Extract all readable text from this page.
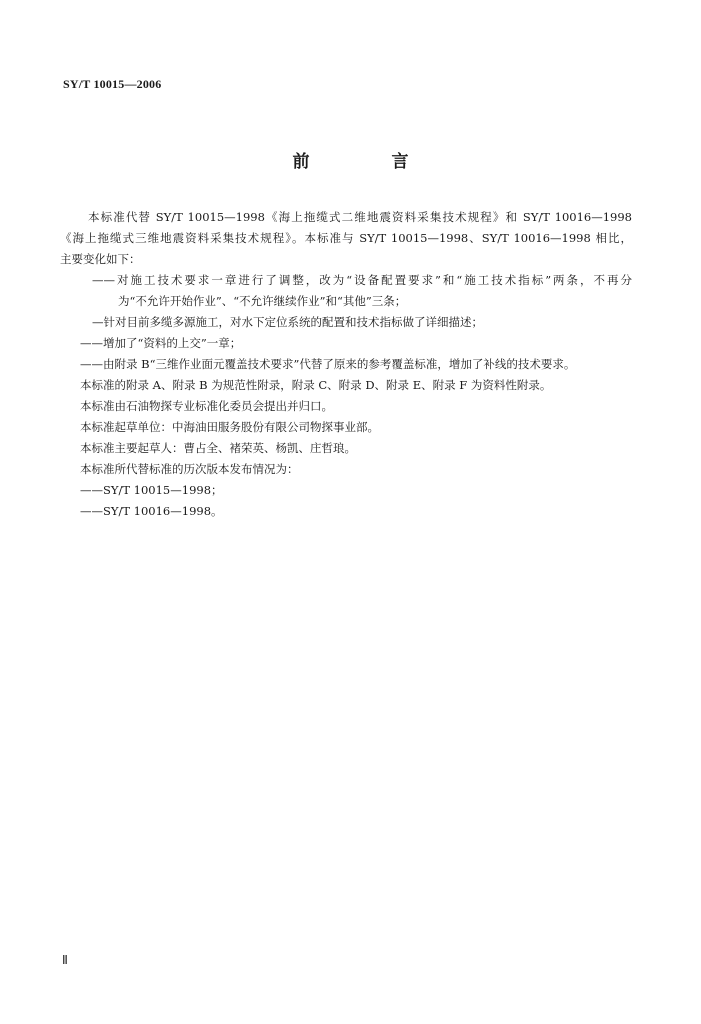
SY/T 10015—2006
前 言
本标准代替 SY/T 10015—1998《海上拖缆式二维地震资料采集技术规程》和 SY/T 10016—1998
《海上拖缆式三维地震资料采集技术规程》。本标准与 SY/T 10015—1998、SY/T 10016—1998 相比，
主要变化如下：
——对施工技术要求一章进行了调整，改为“设备配置要求”和“施工技术指标”两条，不再分
为“不允许开始作业”、“不允许继续作业”和“其他”三条；
—针对目前多缆多源施工，对水下定位系统的配置和技术指标做了详细描述；
——增加了“资料的上交”一章；
——由附录 B“三维作业面元覆盖技术要求”代替了原来的参考覆盖标准，增加了补线的技术要求。
本标准的附录 A、附录 B 为规范性附录，附录 C、附录 D、附录 E、附录 F 为资料性附录。
本标准由石油物探专业标准化委员会提出并归口。
本标准起草单位：中海油田服务股份有限公司物探事业部。
本标准主要起草人：曹占全、褚荣英、杨凯、庄哲琅。
本标准所代替标准的历次版本发布情况为：
——SY/T 10015—1998；
——SY/T 10016—1998。
Ⅱ
